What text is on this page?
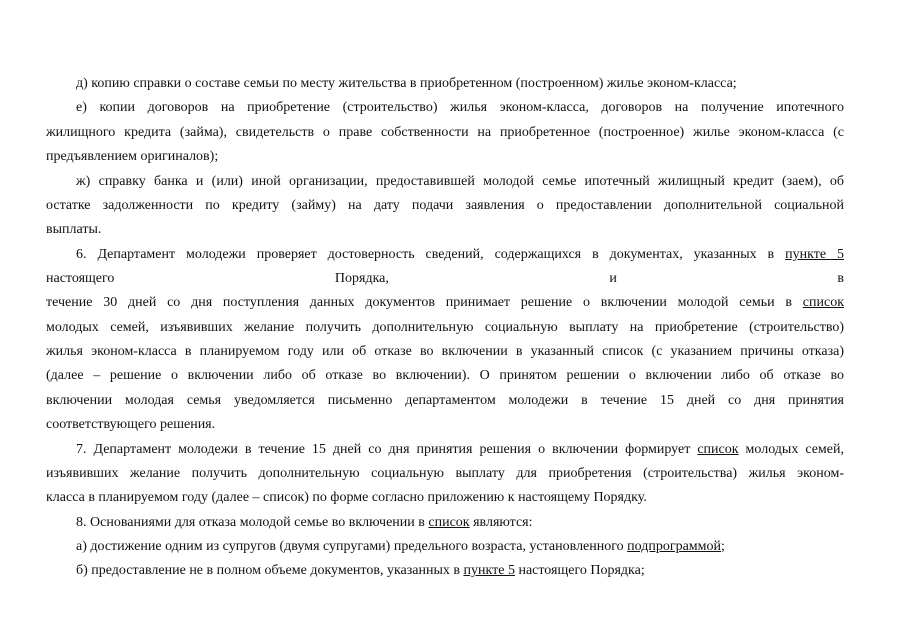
д) копию справки о составе семьи по месту жительства в приобретенном (построенном) жилье эконом-класса;
е) копии договоров на приобретение (строительство) жилья эконом-класса, договоров на получение ипотечного
жилищного кредита (займа), свидетельств о праве собственности на приобретенное (построенное) жилье эконом-класса (с
предъявлением оригиналов);
ж) справку банка и (или) иной организации, предоставившей молодой семье ипотечный жилищный кредит (заем), об
остатке задолженности по кредиту (займу) на дату подачи заявления о предоставлении дополнительной социальной
выплаты.
6. Департамент молодежи проверяет достоверность сведений, содержащихся в документах, указанных в пункте 5
настоящего Порядка, и в
течение 30 дней со дня поступления данных документов принимает решение о включении молодой семьи в список
молодых семей, изъявивших желание получить дополнительную социальную выплату на приобретение (строительство)
жилья эконом-класса в планируемом году или об отказе во включении в указанный список (с указанием причины отказа)
(далее – решение о включении либо об отказе во включении). О принятом решении о включении либо об отказе во
включении молодая семья уведомляется письменно департаментом молодежи в течение 15 дней со дня принятия
соответствующего решения.
7. Департамент молодежи в течение 15 дней со дня принятия решения о включении формирует список молодых семей,
изъявивших желание получить дополнительную социальную выплату для приобретения (строительства) жилья эконом-
класса в планируемом году (далее – список) по форме согласно приложению к настоящему Порядку.
8. Основаниями для отказа молодой семье во включении в список являются:
а) достижение одним из супругов (двумя супругами) предельного возраста, установленного подпрограммой;
б) предоставление не в полном объеме документов, указанных в пункте 5 настоящего Порядка;
